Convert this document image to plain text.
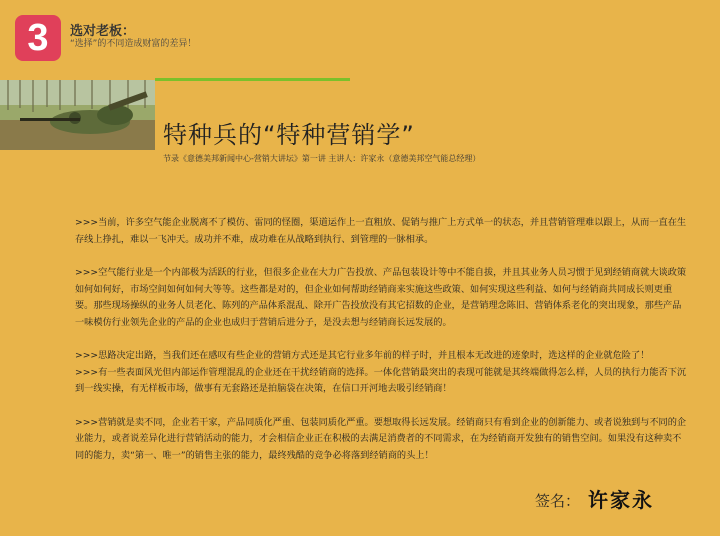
3 选对老板：
“选择”的不同造成财富的差异！
特种兵的“特种营销学”
节录《意德美邦新闻中心-营销大讲坛》第一讲 主讲人：许家永（意德美邦空气能总经理）

>>>当前，许多空气能企业脱离不了模仿、雷同的怪圈，渠道运作上一直粗放、促销与推广上方式单一的状态，并且营销管理难以跟上，从而一直在生存线上挣扎，难以一飞冲天。成功并不难，成功难在从战略到执行、到管理的一脉相承。

>>>空气能行业是一个内部极为活跃的行业，但很多企业在大力广告投放、产品包装设计等中不能自拔，并且其业务人员习惯于见到经销商就大谈政策如何如何好，市场空间如何如何大等等。这些都是对的，但企业如何帮助经销商来实施这些政策、如何实现这些利益、如何与经销商共同成长则更重要。那些现场操纵的业务人员老化、陈列的产品体系混乱、除开广告投放没有其它招数的企业，是营销理念陈旧、营销体系老化的突出现象，那些产品一味模仿行业领先企业的产品的企业也成归于营销后进分子，是没去想与经销商长远发展的。

>>>思路决定出路，当我们还在感叹有些企业的营销方式还是其它行业多年前的样子时，并且根本无改进的迹象时，选这样的企业就危险了！

>>>有一些表面风光但内部运作管理混乱的企业还在干扰经销商的选择。一体化营销最突出的表现可能就是其终端做得怎么样，人员的执行力能否下沉到一线实操，有无样板市场，做事有无套路还是拍脑袋在决策，在信口开河地去吸引经销商！

>>>营销就是卖不同，企业若干家，产品同质化严重、包装同质化严重。要想取得长远发展。经销商只有看到企业的创新能力、或者说独到与不同的企业能力，或者说差异化进行营销活动的能力，才会相信企业正在积极的去满足消费者的不同需求，在为经销商开发独有的销售空间。如果没有这种卖不同的能力，卖“第一、唯一”的销售主张的能力，最终残酷的竞争必将落到经销商的头上！

签名： 许家永
